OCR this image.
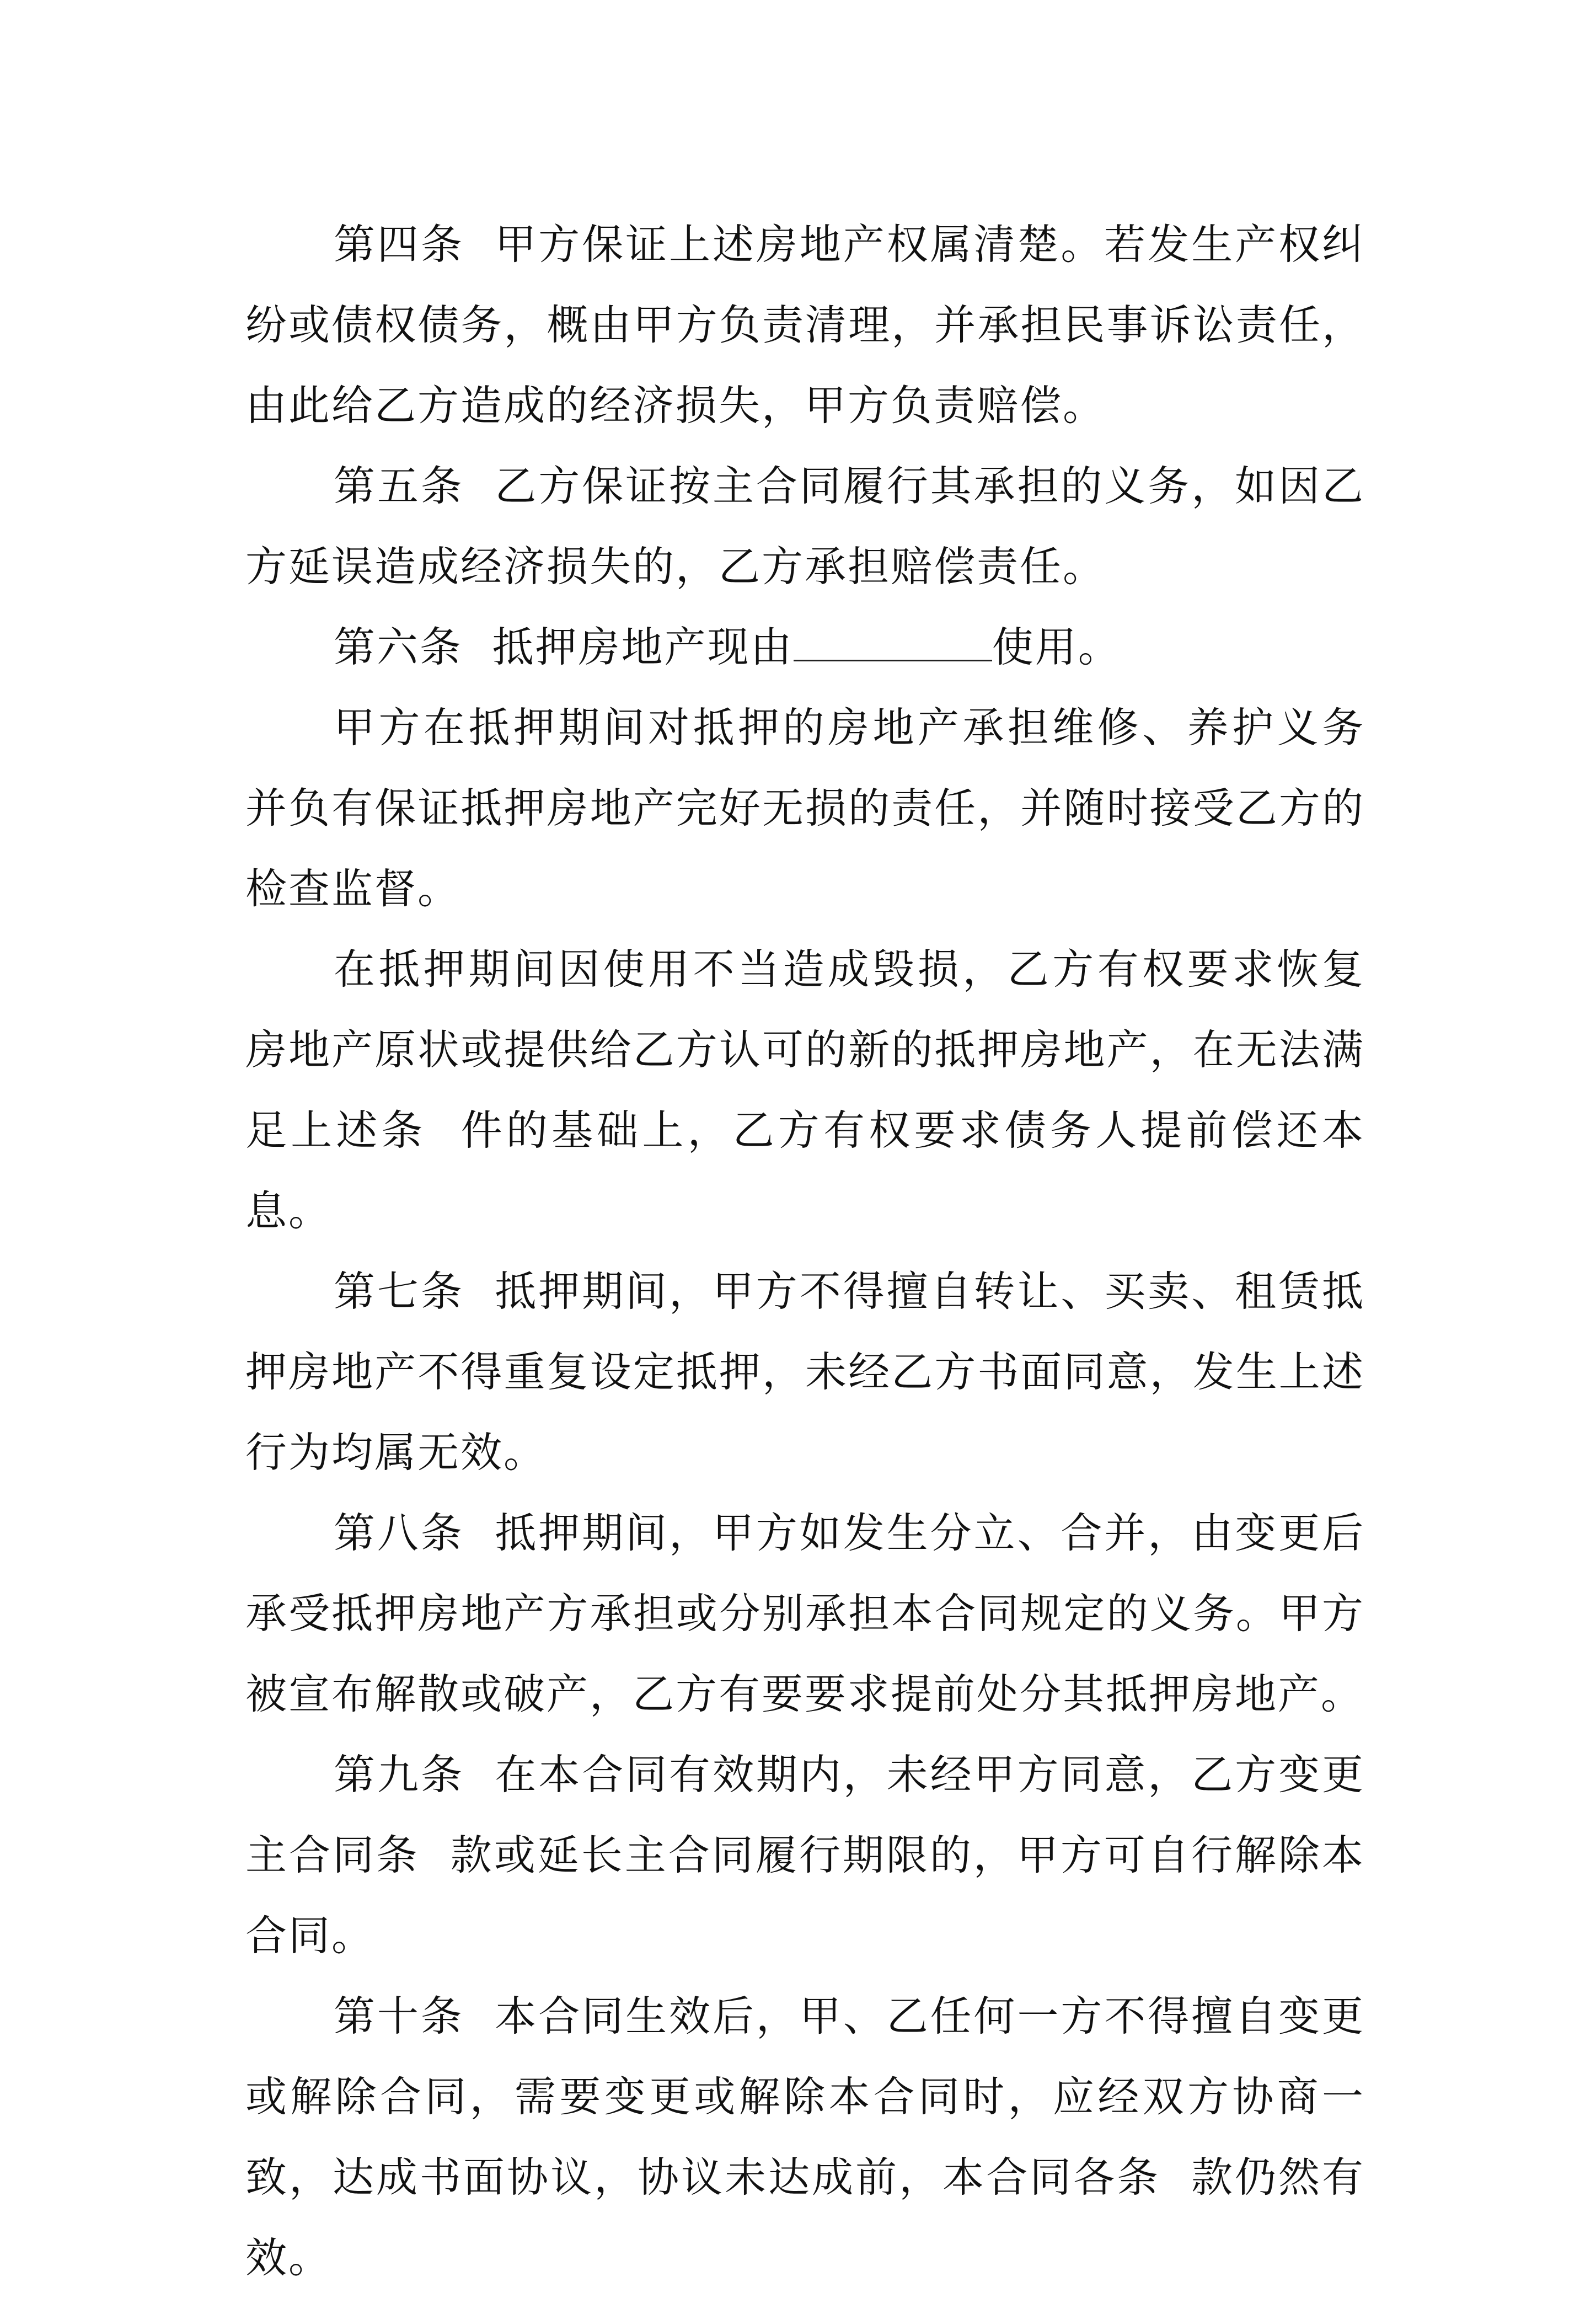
第四条  甲方保证上述房地产权属清楚。若发生产权纠纷或债权债务，概由甲方负责清理，并承担民事诉讼责任，由此给乙方造成的经济损失，甲方负责赔偿。

第五条  乙方保证按主合同履行其承担的义务，如因乙方延误造成经济损失的，乙方承担赔偿责任。

第六条  抵押房地产现由	使用。

甲方在抵押期间对抵押的房地产承担维修、养护义务并负有保证抵押房地产完好无损的责任，并随时接受乙方的检查监督。

在抵押期间因使用不当造成毁损，乙方有权要求恢复房地产原状或提供给乙方认可的新的抵押房地产，在无法满足上述条  件的基础上，乙方有权要求债务人提前偿还本息。

第七条  抵押期间，甲方不得擅自转让、买卖、租赁抵押房地产不得重复设定抵押，未经乙方书面同意，发生上述行为均属无效。

第八条  抵押期间，甲方如发生分立、合并，由变更后承受抵押房地产方承担或分别承担本合同规定的义务。甲方被宣布解散或破产，乙方有要要求提前处分其抵押房地产。

第九条  在本合同有效期内，未经甲方同意，乙方变更主合同条  款或延长主合同履行期限的，甲方可自行解除本合同。

第十条  本合同生效后，甲、乙任何一方不得擅自变更或解除合同，需要变更或解除本合同时，应经双方协商一致，达成书面协议，协议未达成前，本合同各条  款仍然有效。
